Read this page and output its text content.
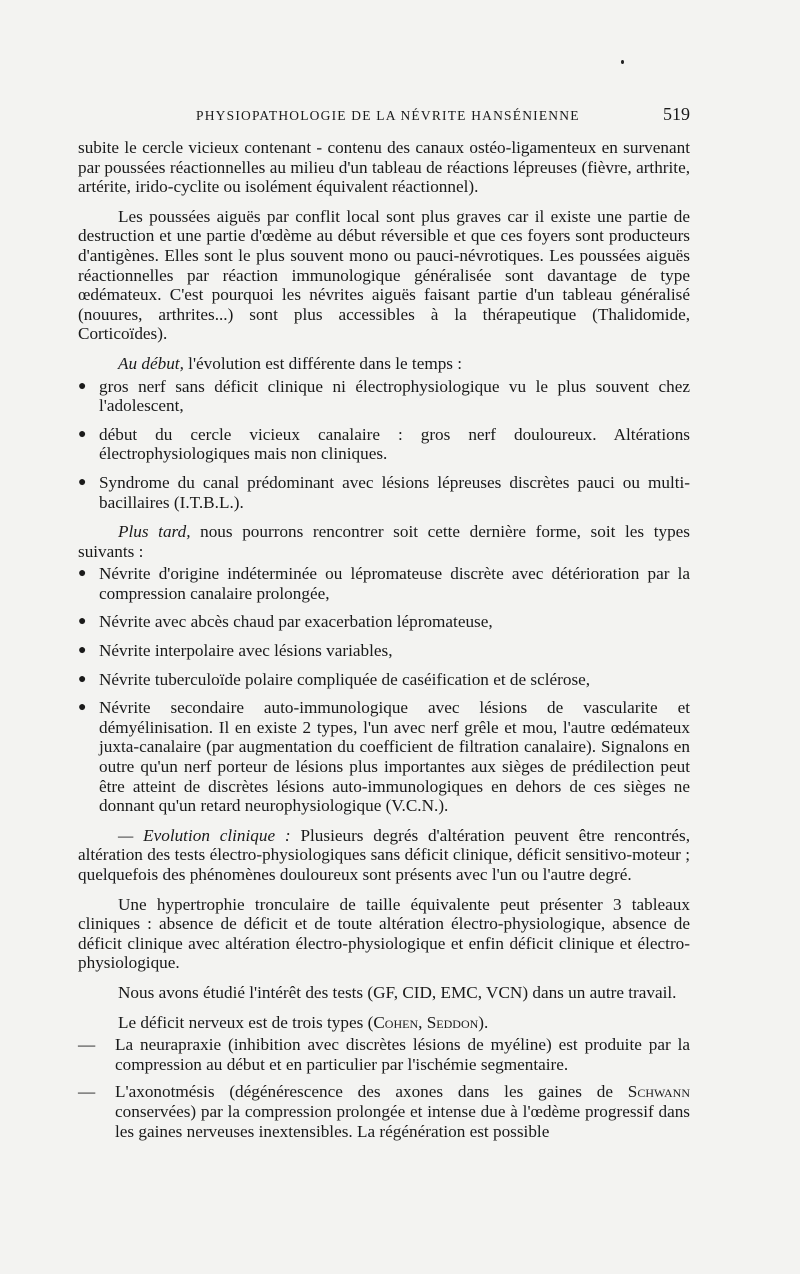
PHYSIOPATHOLOGIE DE LA NÉVRITE HANSÉNIENNE	519

subite le cercle vicieux contenant - contenu des canaux ostéo-ligamenteux en survenant par poussées réactionnelles au milieu d'un tableau de réactions lépreuses (fièvre, arthrite, artérite, irido-cyclite ou isolément équivalent réactionnel).

Les poussées aiguës par conflit local sont plus graves car il existe une partie de destruction et une partie d'œdème au début réversible et que ces foyers sont producteurs d'antigènes. Elles sont le plus souvent mono ou pauci-névrotiques. Les poussées aiguës réactionnelles par réaction immunologique généralisée sont davantage de type œdémateux. C'est pourquoi les névrites aiguës faisant partie d'un tableau généralisé (nouures, arthrites...) sont plus accessibles à la thérapeutique (Thalidomide, Corticoïdes).

Au début, l'évolution est différente dans le temps :

● gros nerf sans déficit clinique ni électrophysiologique vu le plus souvent chez l'adolescent,
● début du cercle vicieux canalaire : gros nerf douloureux. Altérations électrophysiologiques mais non cliniques.
● Syndrome du canal prédominant avec lésions lépreuses discrètes pauci ou multi-bacillaires (I.T.B.L.).

Plus tard, nous pourrons rencontrer soit cette dernière forme, soit les types suivants :

● Névrite d'origine indéterminée ou lépromateuse discrète avec détérioration par la compression canalaire prolongée,
● Névrite avec abcès chaud par exacerbation lépromateuse,
● Névrite interpolaire avec lésions variables,
● Névrite tuberculoïde polaire compliquée de caséification et de sclérose,
● Névrite secondaire auto-immunologique avec lésions de vascularite et démyélinisation. Il en existe 2 types, l'un avec nerf grêle et mou, l'autre œdémateux juxta-canalaire (par augmentation du coefficient de filtration canalaire). Signalons en outre qu'un nerf porteur de lésions plus importantes aux sièges de prédilection peut être atteint de discrètes lésions auto-immunologiques en dehors de ces sièges ne donnant qu'un retard neurophysiologique (V.C.N.).

— Evolution clinique : Plusieurs degrés d'altération peuvent être rencontrés, altération des tests électro-physiologiques sans déficit clinique, déficit sensitivo-moteur ; quelquefois des phénomènes douloureux sont présents avec l'un ou l'autre degré.

Une hypertrophie tronculaire de taille équivalente peut présenter 3 tableaux cliniques : absence de déficit et de toute altération électro-physiologique, absence de déficit clinique avec altération électro-physiologique et enfin déficit clinique et électro-physiologique.

Nous avons étudié l'intérêt des tests (GF, CID, EMC, VCN) dans un autre travail.

Le déficit nerveux est de trois types (Cohen, Seddon).

— La neurapraxie (inhibition avec discrètes lésions de myéline) est produite par la compression au début et en particulier par l'ischémie segmentaire.
— L'axonotmésis (dégénérescence des axones dans les gaines de Schwann conservées) par la compression prolongée et intense due à l'œdème progressif dans les gaines nerveuses inextensibles. La régénération est possible
